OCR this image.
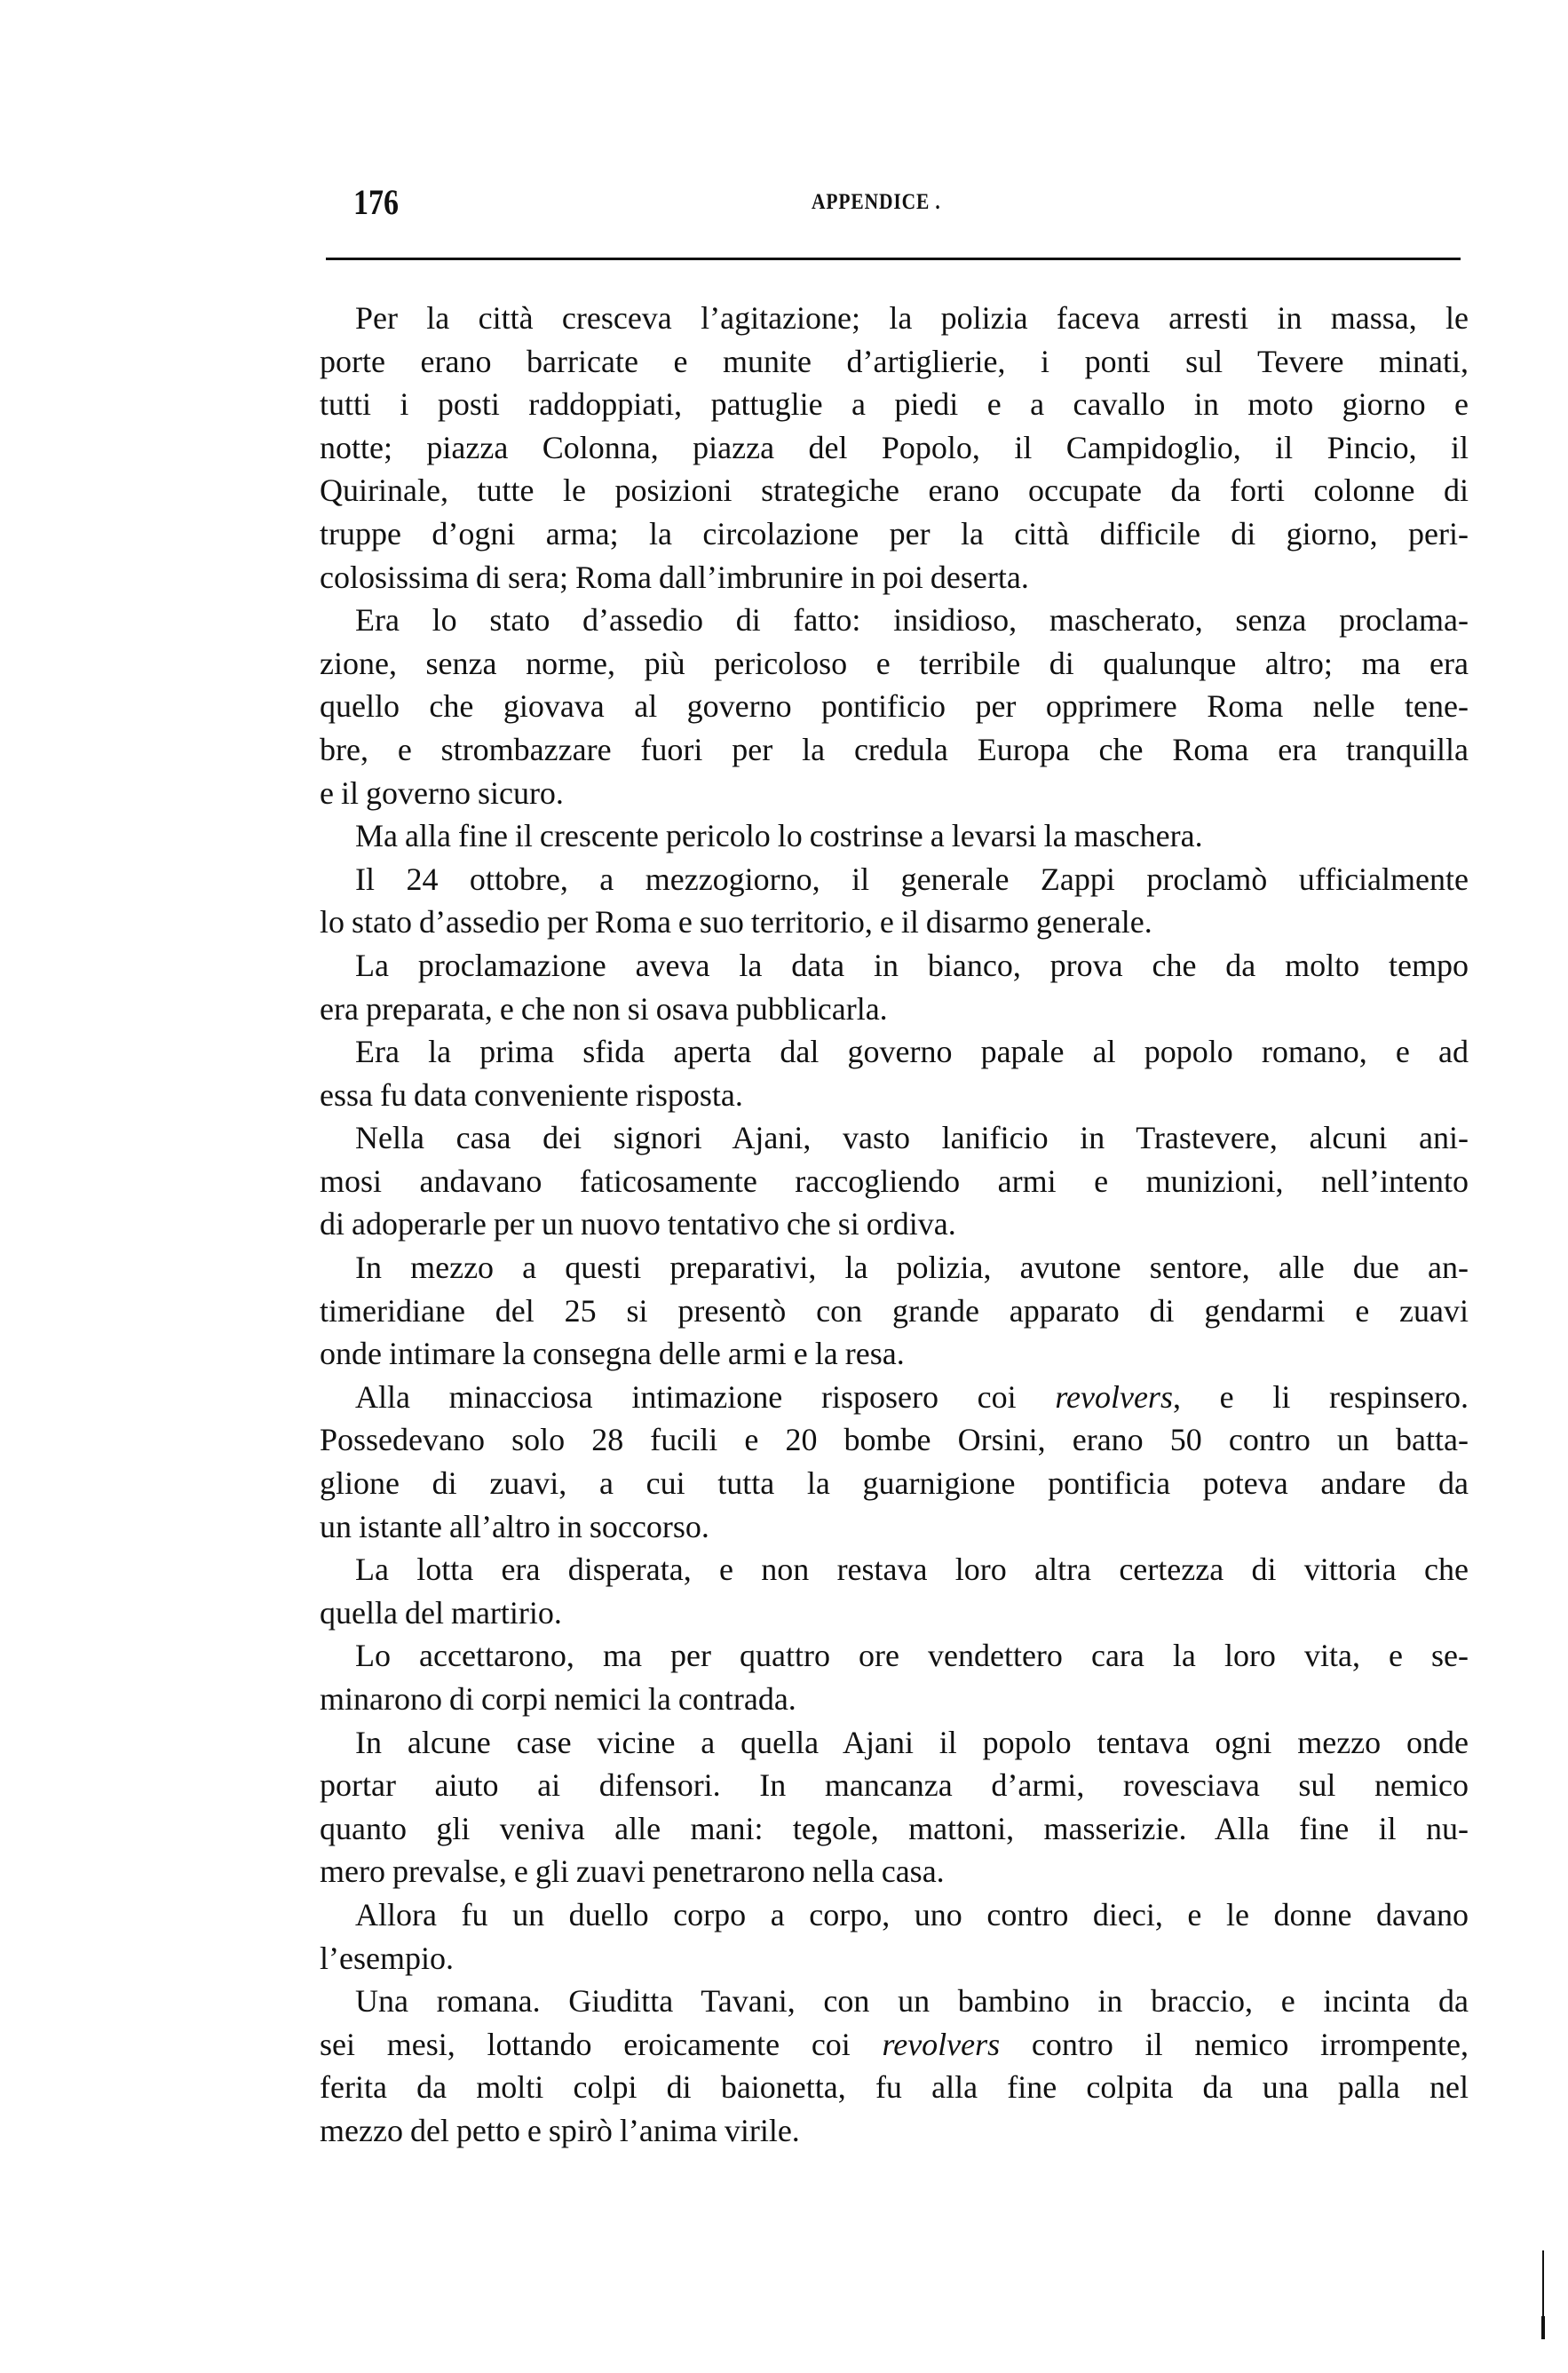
176	APPENDICE .
Per la città cresceva l’agitazione; la polizia faceva arresti in massa, le
porte erano barricate e munite d’artiglierie, i ponti sul Tevere minati,
tutti i posti raddoppiati, pattuglie a piedi e a cavallo in moto giorno e
notte; piazza Colonna, piazza del Popolo, il Campidoglio, il Pincio, il
Quirinale, tutte le posizioni strategiche erano occupate da forti colonne di
truppe d’ogni arma; la circolazione per la città difficile di giorno, peri-
colosissima di sera; Roma dall’imbrunire in poi deserta.
Era lo stato d’assedio di fatto: insidioso, mascherato, senza proclama-
zione, senza norme, più pericoloso e terribile di qualunque altro; ma era
quello che giovava al governo pontificio per opprimere Roma nelle tene-
bre, e strombazzare fuori per la credula Europa che Roma era tranquilla
e il governo sicuro.
Ma alla fine il crescente pericolo lo costrinse a levarsi la maschera.
Il 24 ottobre, a mezzogiorno, il generale Zappi proclamò ufficialmente
lo stato d’assedio per Roma e suo territorio, e il disarmo generale.
La proclamazione aveva la data in bianco, prova che da molto tempo
era preparata, e che non si osava pubblicarla.
Era la prima sfida aperta dal governo papale al popolo romano, e ad
essa fu data conveniente risposta.
Nella casa dei signori Ajani, vasto lanificio in Trastevere, alcuni ani-
mosi andavano faticosamente raccogliendo armi e munizioni, nell’intento
di adoperarle per un nuovo tentativo che si ordiva.
In mezzo a questi preparativi, la polizia, avutone sentore, alle due an-
timeridiane del 25 si presentò con grande apparato di gendarmi e zuavi
onde intimare la consegna delle armi e la resa.
Alla minacciosa intimazione risposero coi revolvers, e li respinsero.
Possedevano solo 28 fucili e 20 bombe Orsini, erano 50 contro un batta-
glione di zuavi, a cui tutta la guarnigione pontificia poteva andare da
un istante all’altro in soccorso.
La lotta era disperata, e non restava loro altra certezza di vittoria che
quella del martirio.
Lo accettarono, ma per quattro ore vendettero cara la loro vita, e se-
minarono di corpi nemici la contrada.
In alcune case vicine a quella Ajani il popolo tentava ogni mezzo onde
portar aiuto ai difensori. In mancanza d’armi, rovesciava sul nemico
quanto gli veniva alle mani: tegole, mattoni, masserizie. Alla fine il nu-
mero prevalse, e gli zuavi penetrarono nella casa.
Allora fu un duello corpo a corpo, uno contro dieci, e le donne davano
l’esempio.
Una romana. Giuditta Tavani, con un bambino in braccio, e incinta da
sei mesi, lottando eroicamente coi revolvers contro il nemico irrompente,
ferita da molti colpi di baionetta, fu alla fine colpita da una palla nel
mezzo del petto e spirò l’anima virile.
